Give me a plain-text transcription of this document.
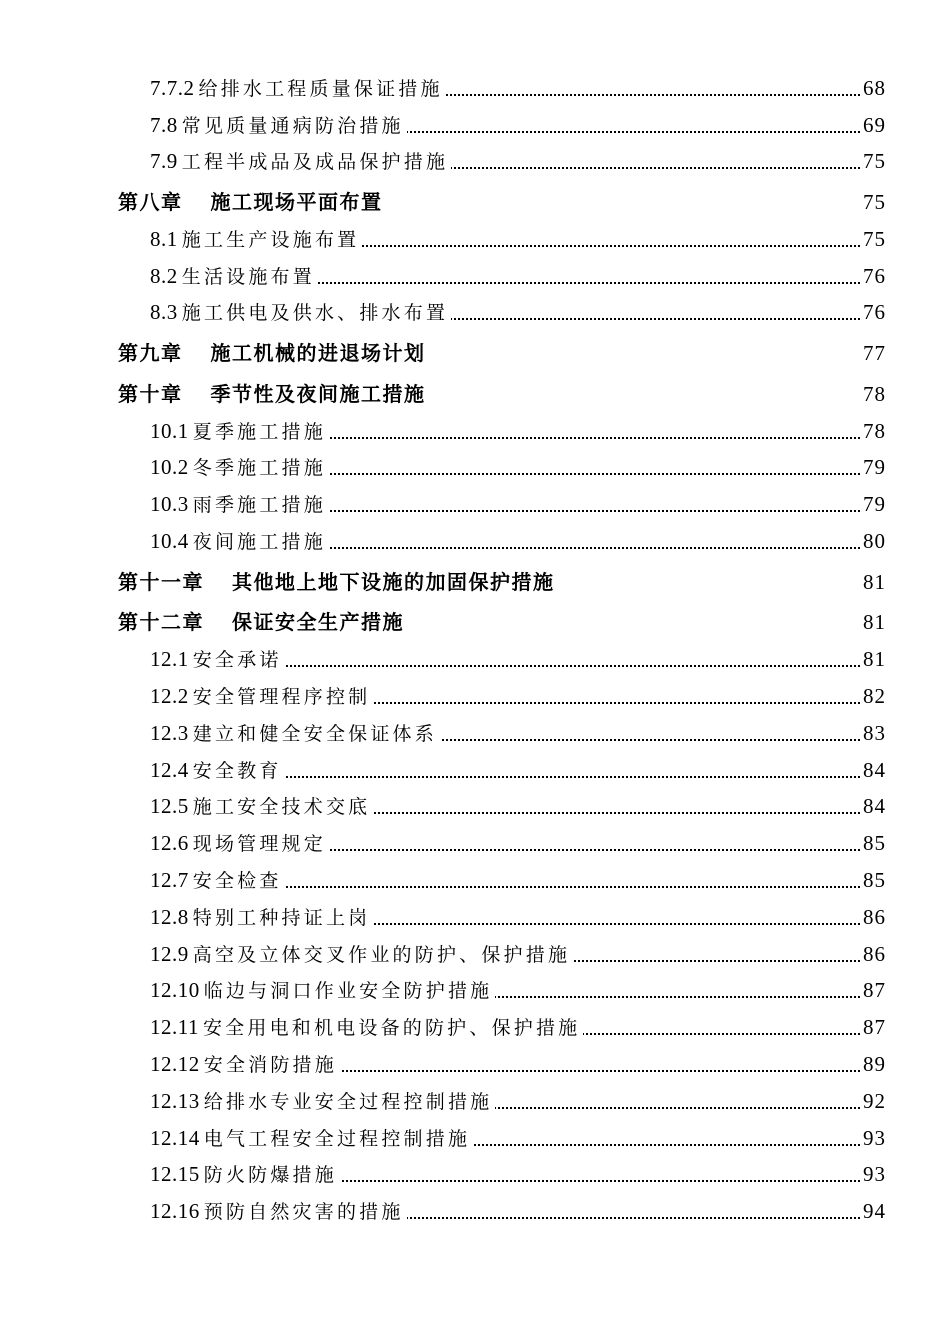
7.7.2 给排水工程质量保证措施	68
7.8 常见质量通病防治措施	69
7.9 工程半成品及成品保护措施	75
第八章 施工现场平面布置	75
8.1 施工生产设施布置	75
8.2 生活设施布置	76
8.3 施工供电及供水、排水布置	76
第九章 施工机械的进退场计划	77
第十章 季节性及夜间施工措施	78
10.1 夏季施工措施	78
10.2 冬季施工措施	79
10.3 雨季施工措施	79
10.4 夜间施工措施	80
第十一章 其他地上地下设施的加固保护措施	81
第十二章 保证安全生产措施	81
12.1 安全承诺	81
12.2 安全管理程序控制	82
12.3 建立和健全安全保证体系	83
12.4 安全教育	84
12.5 施工安全技术交底	84
12.6 现场管理规定	85
12.7 安全检查	85
12.8 特别工种持证上岗	86
12.9 高空及立体交叉作业的防护、保护措施	86
12.10 临边与洞口作业安全防护措施	87
12.11 安全用电和机电设备的防护、保护措施	87
12.12 安全消防措施	89
12.13 给排水专业安全过程控制措施	92
12.14 电气工程安全过程控制措施	93
12.15 防火防爆措施	93
12.16 预防自然灾害的措施	94
